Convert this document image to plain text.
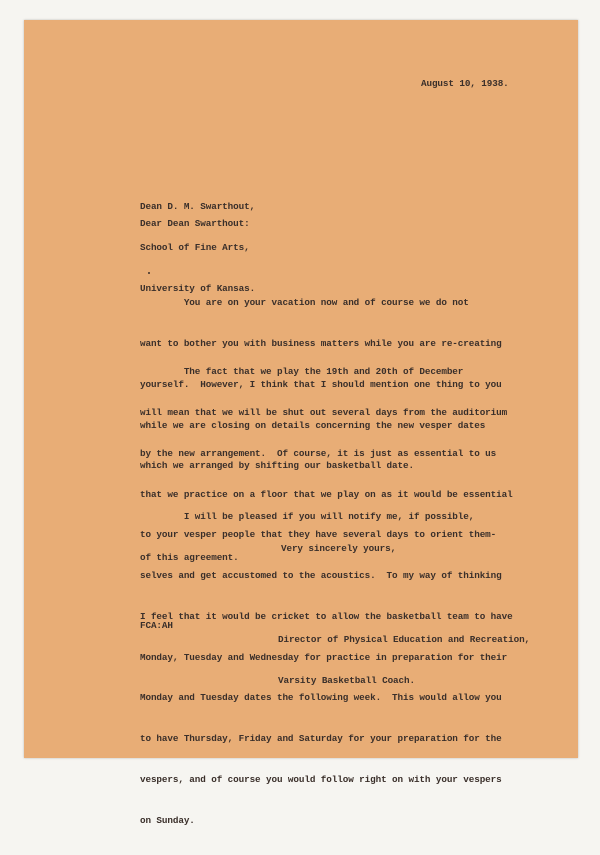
August 10, 1938.

Dean D. M. Swarthout,

School of Fine Arts,

University of Kansas.

Dear Dean Swarthout:

You are on your vacation now and of course we do not

want to bother you with business matters while you are re-creating

yourself.  However, I think that I should mention one thing to you

while we are closing on details concerning the new vesper dates

which we arranged by shifting our basketball date.

The fact that we play the 19th and 20th of December

will mean that we will be shut out several days from the auditorium

by the new arrangement.  Of course, it is just as essential to us

that we practice on a floor that we play on as it would be essential

to your vesper people that they have several days to orient them-

selves and get accustomed to the acoustics.  To my way of thinking

I feel that it would be cricket to allow the basketball team to have

Monday, Tuesday and Wednesday for practice in preparation for their

Monday and Tuesday dates the following week.  This would allow you

to have Thursday, Friday and Saturday for your preparation for the

vespers, and of course you would follow right on with your vespers

on Sunday.

I will be pleased if you will notify me, if possible,

of this agreement.

Very sincerely yours,

Director of Physical Education and Recreation,

Varsity Basketball Coach.

FCA:AH
